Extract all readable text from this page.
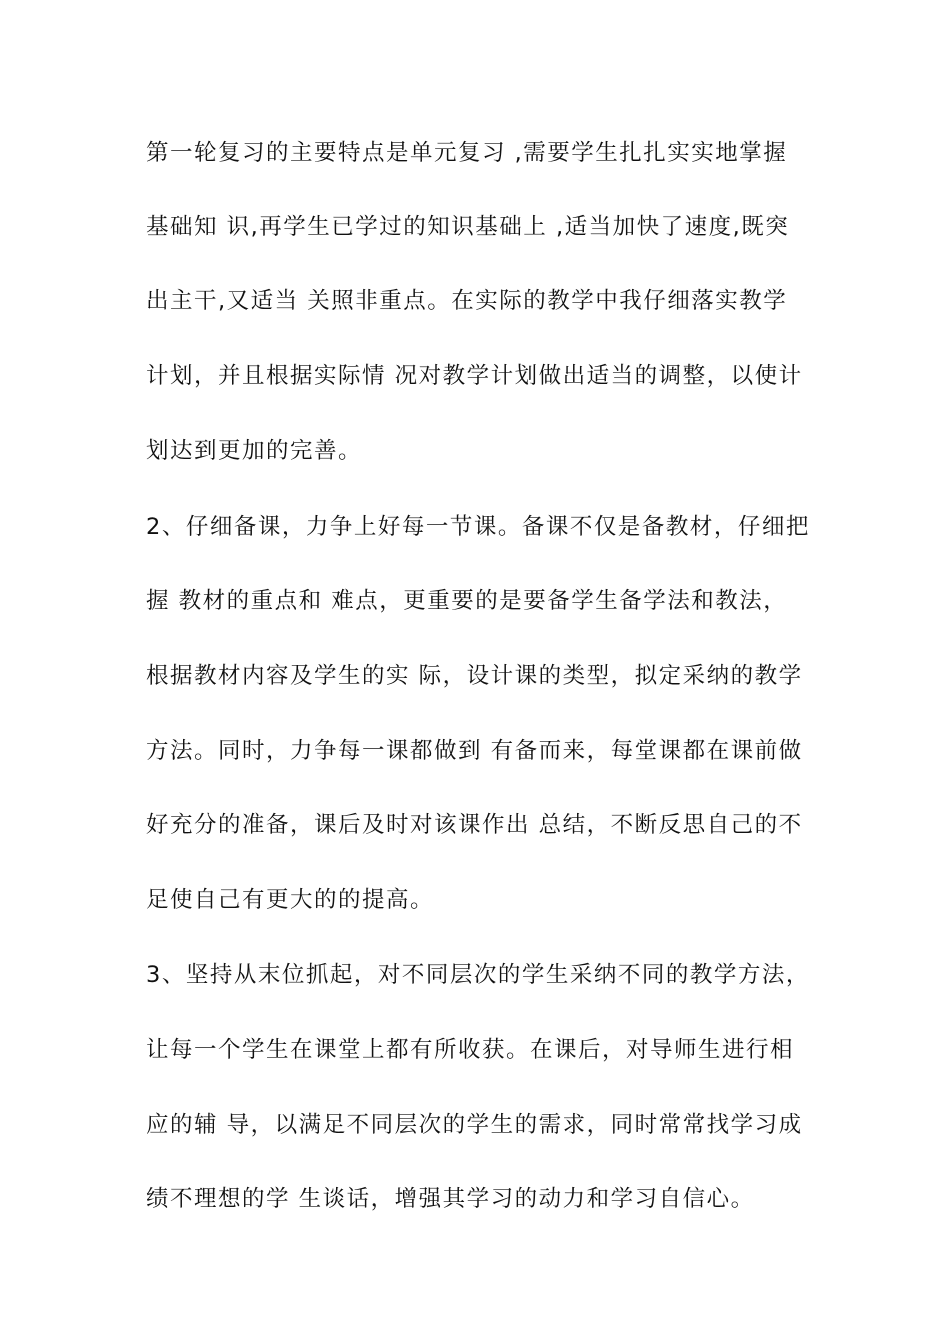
第一轮复习的主要特点是单元复习 ,需要学生扎扎实实地掌握

基础知 识,再学生已学过的知识基础上 ,适当加快了速度,既突

出主干,又适当 关照非重点。在实际的教学中我仔细落实教学

计划，并且根据实际情 况对教学计划做出适当的调整，以使计

划达到更加的完善。

2、仔细备课，力争上好每一节课。备课不仅是备教材，仔细把

握 教材的重点和 难点，更重要的是要备学生备学法和教法，

根据教材内容及学生的实 际，设计课的类型，拟定采纳的教学

方法。同时，力争每一课都做到 有备而来，每堂课都在课前做

好充分的准备，课后及时对该课作出 总结，不断反思自己的不

足使自己有更大的的提高。

3、坚持从末位抓起，对不同层次的学生采纳不同的教学方法，

让每一个学生在课堂上都有所收获。在课后，对导师生进行相

应的辅 导，以满足不同层次的学生的需求，同时常常找学习成

绩不理想的学 生谈话，增强其学习的动力和学习自信心。
